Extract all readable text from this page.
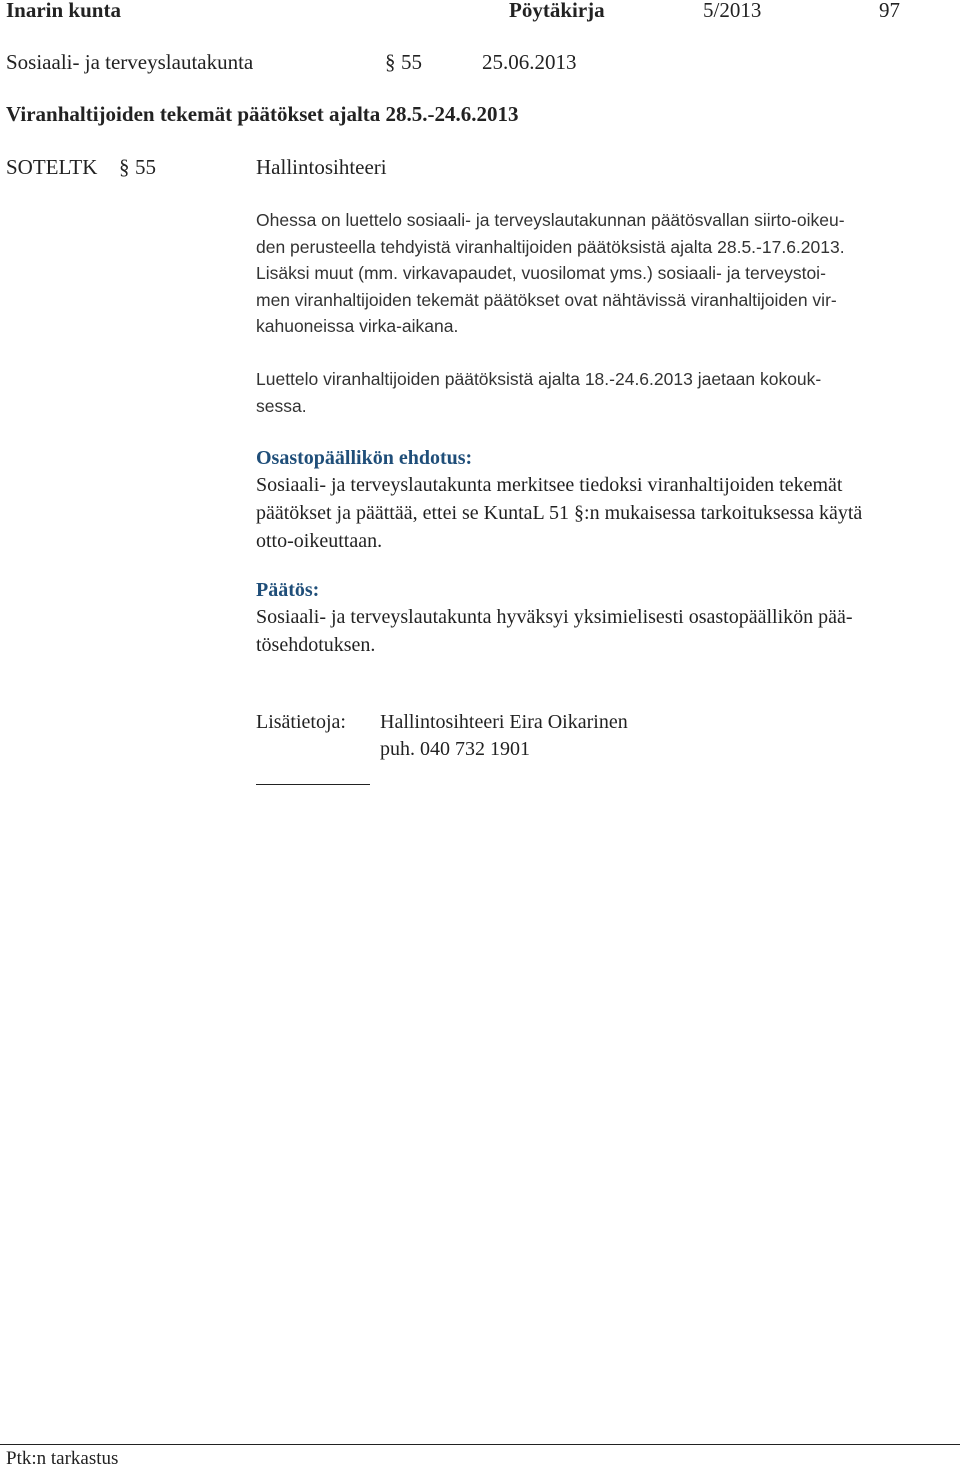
Inarin kunta	Pöytäkirja	5/2013	97
Sosiaali- ja terveyslautakunta	§ 55	25.06.2013
Viranhaltijoiden tekemät päätökset ajalta 28.5.-24.6.2013
SOTELTK § 55	Hallintosihteeri
Ohessa on luettelo sosiaali- ja terveyslautakunnan päätösvallan siirto-oikeu-
den perusteella tehdyistä viranhaltijoiden päätöksistä ajalta 28.5.-17.6.2013.
Lisäksi muut (mm. virkavapaudet, vuosilomat yms.) sosiaali- ja terveystoi-
men viranhaltijoiden tekemät päätökset ovat nähtävissä viranhaltijoiden vir-
kahuoneissa virka-aikana.
Luettelo viranhaltijoiden päätöksistä ajalta 18.-24.6.2013 jaetaan kokouk-
sessa.
Osastopäällikön ehdotus:
Sosiaali- ja terveyslautakunta merkitsee tiedoksi viranhaltijoiden tekemät
päätökset ja päättää, ettei se KuntaL 51 §:n mukaisessa tarkoituksessa käytä
otto-oikeuttaan.
Päätös:
Sosiaali- ja terveyslautakunta hyväksyi yksimielisesti osastopäällikön pää-
tösehdotuksen.
Lisätietoja: Hallintosihteeri Eira Oikarinen
puh. 040 732 1901
Ptk:n tarkastus
